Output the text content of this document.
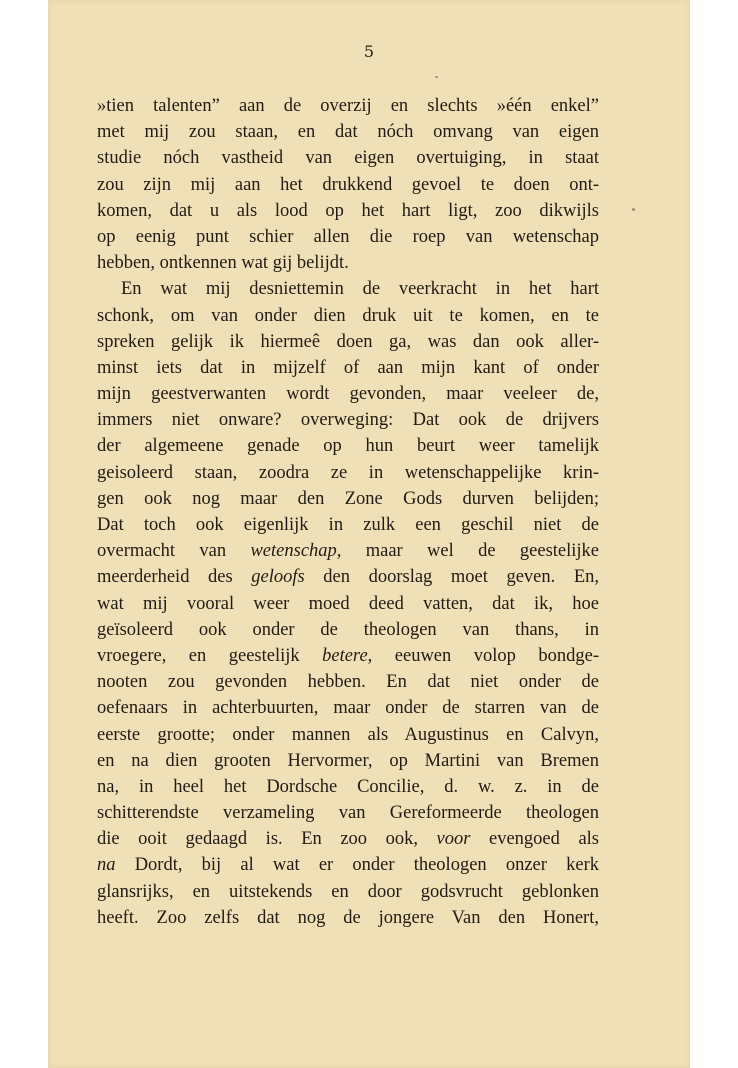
5
»tien talenten” aan de overzij en slechts »één enkel”
met mij zou staan, en dat nóch omvang van eigen
studie nóch vastheid van eigen overtuiging, in staat
zou zijn mij aan het drukkend gevoel te doen ont-
komen, dat u als lood op het hart ligt, zoo dikwijls
op eenig punt schier allen die roep van wetenschap
hebben, ontkennen wat gij belijdt.
En wat mij desniettemin de veerkracht in het hart
schonk, om van onder dien druk uit te komen, en te
spreken gelijk ik hiermeê doen ga, was dan ook aller-
minst iets dat in mijzelf of aan mijn kant of onder
mijn geestverwanten wordt gevonden, maar veeleer de,
immers niet onware? overweging: Dat ook de drijvers
der algemeene genade op hun beurt weer tamelijk
geisoleerd staan, zoodra ze in wetenschappelijke krin-
gen ook nog maar den Zone Gods durven belijden;
Dat toch ook eigenlijk in zulk een geschil niet de
overmacht van wetenschap, maar wel de geestelijke
meerderheid des geloofs den doorslag moet geven. En,
wat mij vooral weer moed deed vatten, dat ik, hoe
geïsoleerd ook onder de theologen van thans, in
vroegere, en geestelijk betere, eeuwen volop bondge-
nooten zou gevonden hebben. En dat niet onder de
oefenaars in achterbuurten, maar onder de starren van de
eerste grootte; onder mannen als Augustinus en Calvyn,
en na dien grooten Hervormer, op Martini van Bremen
na, in heel het Dordsche Concilie, d. w. z. in de
schitterendste verzameling van Gereformeerde theologen
die ooit gedaagd is. En zoo ook, voor evengoed als
na Dordt, bij al wat er onder theologen onzer kerk
glansrijks, en uitstekends en door godsvrucht geblonken
heeft. Zoo zelfs dat nog de jongere Van den Honert,
